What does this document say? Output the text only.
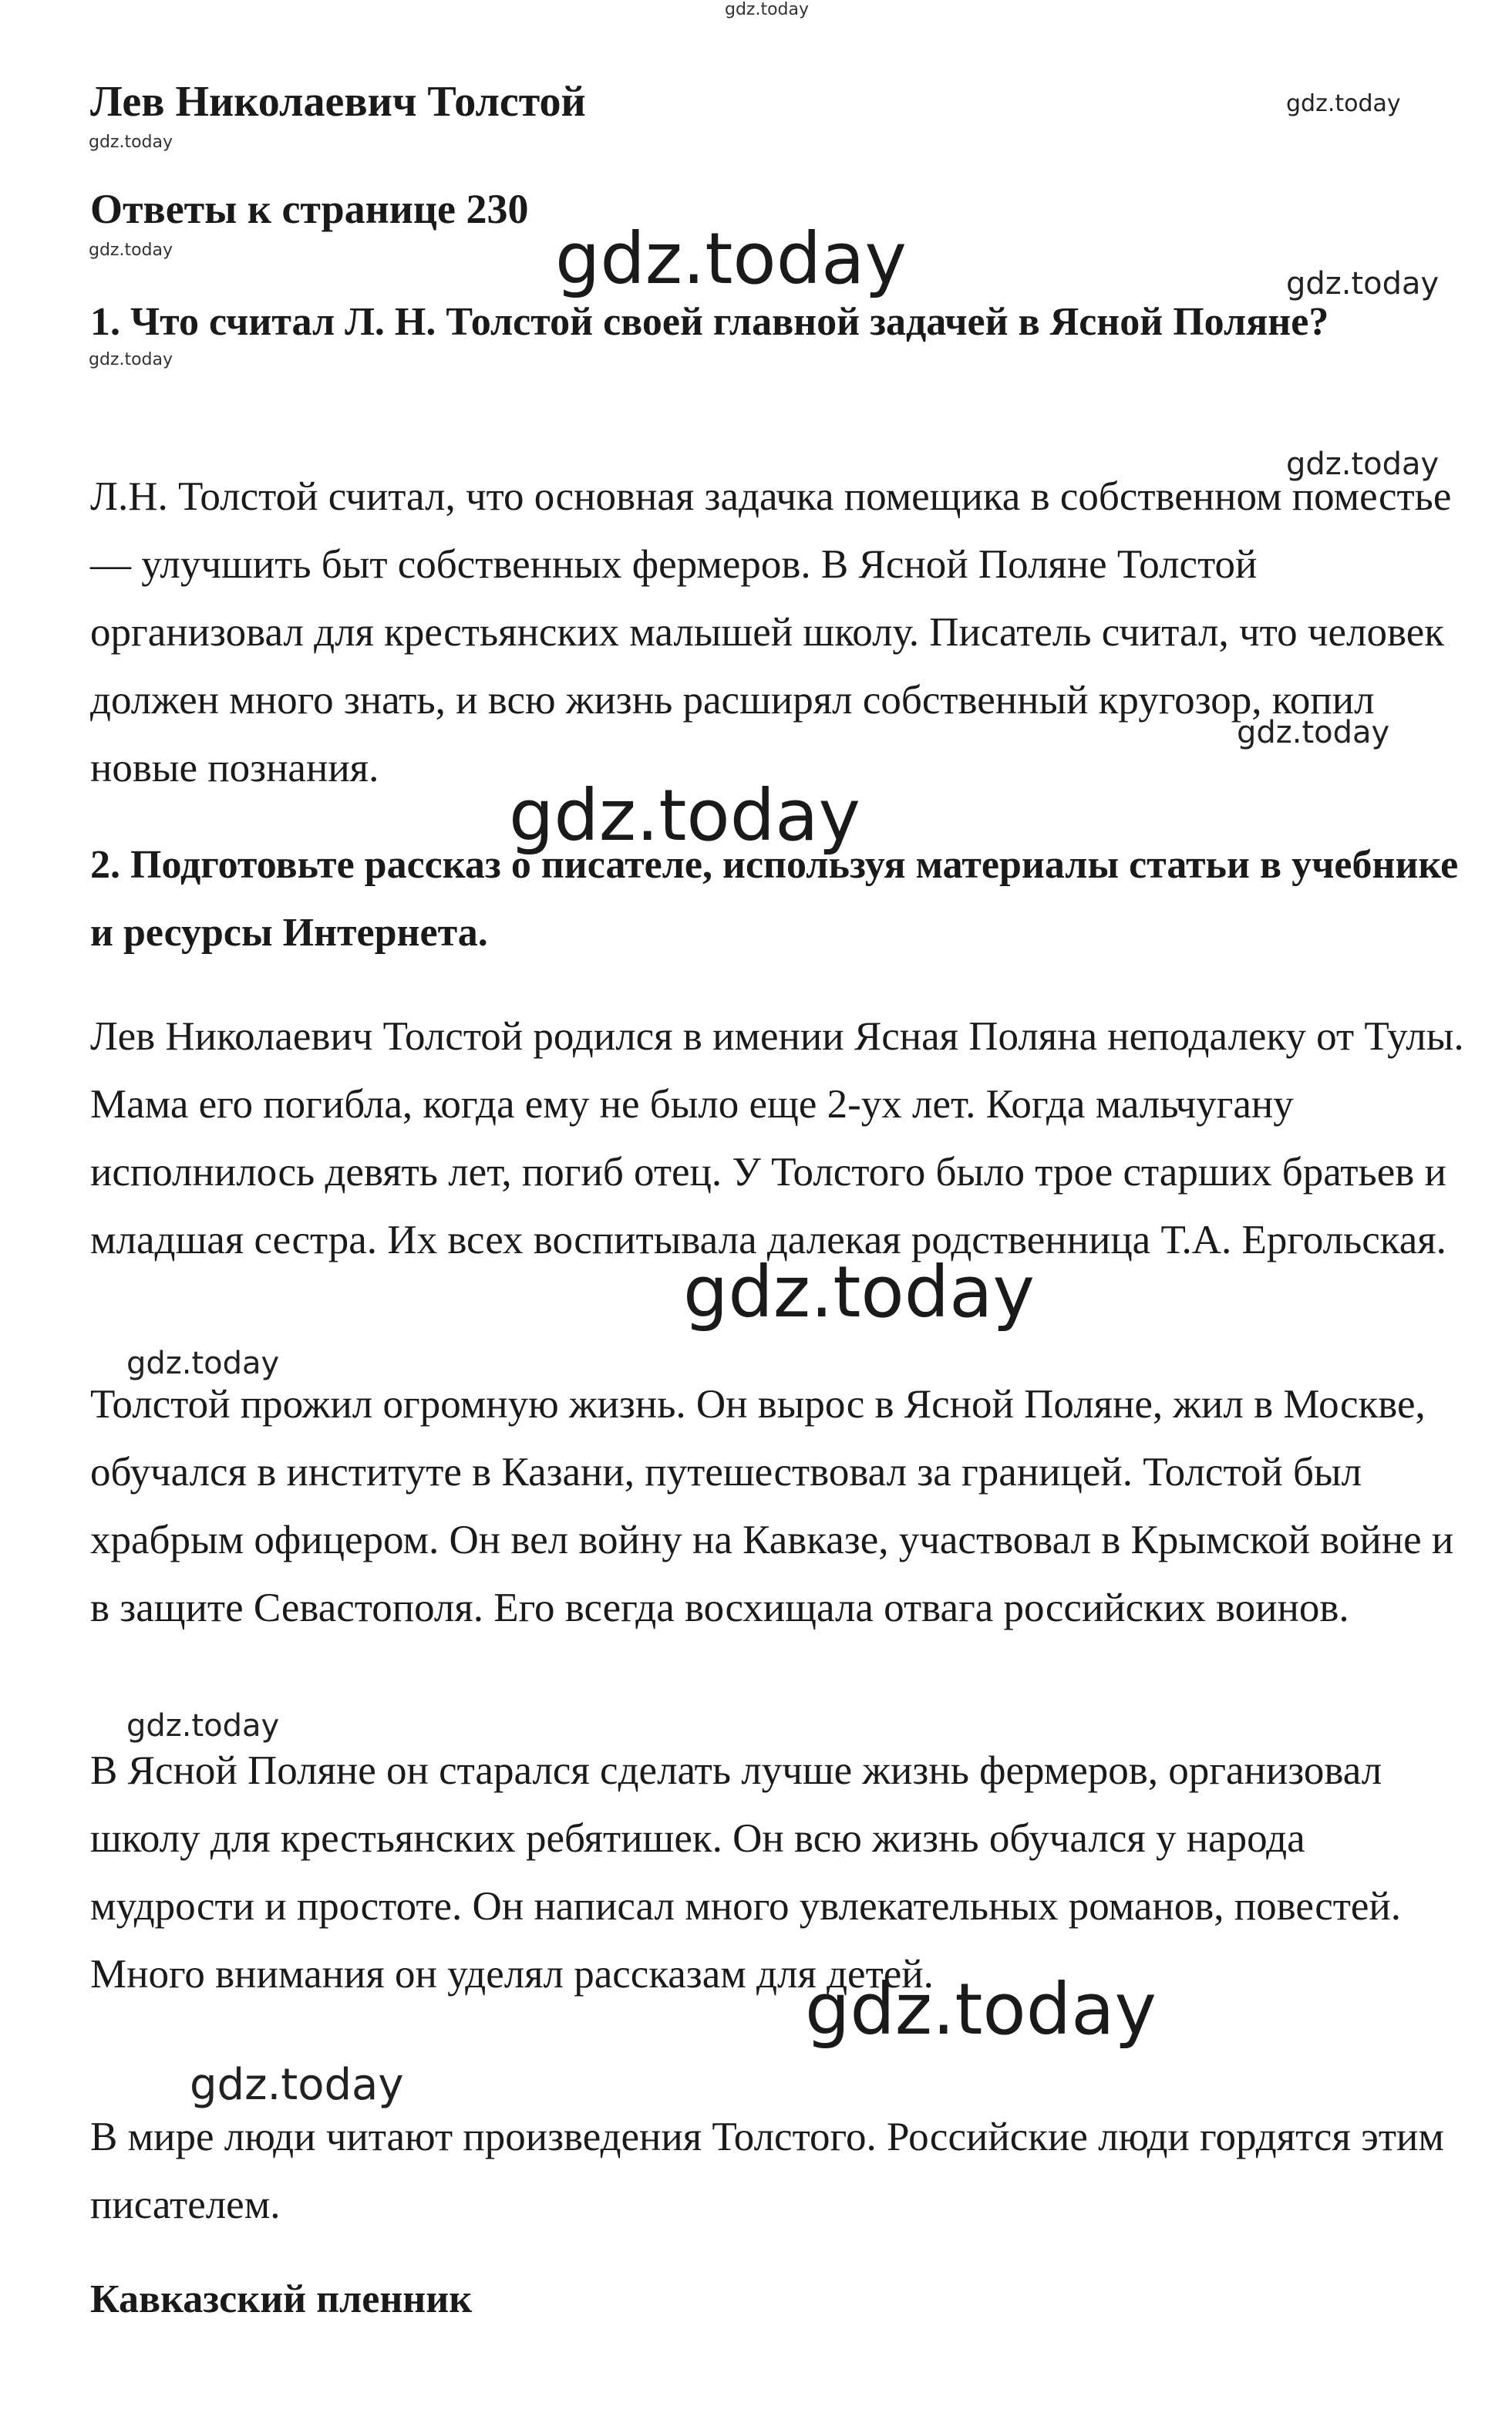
Лев Николаевич Толстой
Ответы к странице 230
1. Что считал Л. Н. Толстой своей главной задачей в Ясной Поляне?

Л.Н. Толстой считал, что основная задачка помещика в собственном поместье — улучшить быт собственных фермеров. В Ясной Поляне Толстой организовал для крестьянских малышей школу. Писатель считал, что человек должен много знать, и всю жизнь расширял собственный кругозор, копил новые познания.

2. Подготовьте рассказ о писателе, используя материалы статьи в учебнике и ресурсы Интернета.

Лев Николаевич Толстой родился в имении Ясная Поляна неподалеку от Тулы. Мама его погибла, когда ему не было еще 2-ух лет. Когда мальчугану исполнилось девять лет, погиб отец. У Толстого было трое старших братьев и младшая сестра. Их всех воспитывала далекая родственница Т.А. Ергольская.

Толстой прожил огромную жизнь. Он вырос в Ясной Поляне, жил в Москве, обучался в институте в Казани, путешествовал за границей. Толстой был храбрым офицером. Он вел войну на Кавказе, участвовал в Крымской войне и в защите Севастополя. Его всегда восхищала отвага российских воинов.

В Ясной Поляне он старался сделать лучше жизнь фермеров, организовал школу для крестьянских ребятишек. Он всю жизнь обучался у народа мудрости и простоте. Он написал много увлекательных романов, повестей. Много внимания он уделял рассказам для детей.

В мире люди читают произведения Толстого. Российские люди гордятся этим писателем.

Кавказский пленник
gdz.today
gdz.today
gdz.today
gdz.today
gdz.today
gdz.today
gdz.today
gdz.today
gdz.today
gdz.today
gdz.today
gdz.today
gdz.today
gdz.today
gdz.today
